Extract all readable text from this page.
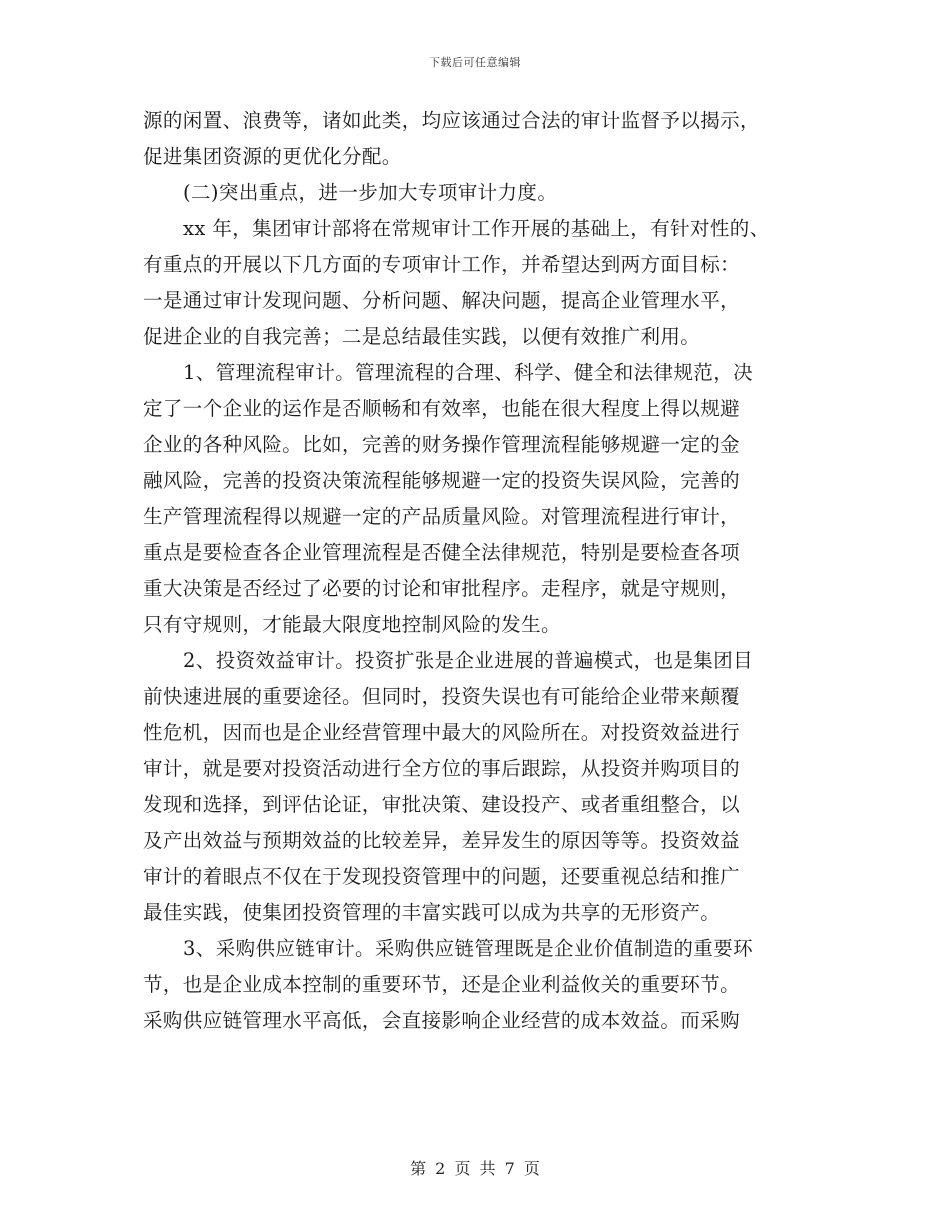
下载后可任意编辑
源的闲置、浪费等，诸如此类，均应该通过合法的审计监督予以揭示，
促进集团资源的更优化分配。
(二)突出重点，进一步加大专项审计力度。
xx 年，集团审计部将在常规审计工作开展的基础上，有针对性的、
有重点的开展以下几方面的专项审计工作，并希望达到两方面目标：
一是通过审计发现问题、分析问题、解决问题，提高企业管理水平，
促进企业的自我完善；二是总结最佳实践，以便有效推广利用。
1、管理流程审计。管理流程的合理、科学、健全和法律规范，决
定了一个企业的运作是否顺畅和有效率，也能在很大程度上得以规避
企业的各种风险。比如，完善的财务操作管理流程能够规避一定的金
融风险，完善的投资决策流程能够规避一定的投资失误风险，完善的
生产管理流程得以规避一定的产品质量风险。对管理流程进行审计，
重点是要检查各企业管理流程是否健全法律规范，特别是要检查各项
重大决策是否经过了必要的讨论和审批程序。走程序，就是守规则，
只有守规则，才能最大限度地控制风险的发生。
2、投资效益审计。投资扩张是企业进展的普遍模式，也是集团目
前快速进展的重要途径。但同时，投资失误也有可能给企业带来颠覆
性危机，因而也是企业经营管理中最大的风险所在。对投资效益进行
审计，就是要对投资活动进行全方位的事后跟踪，从投资并购项目的
发现和选择，到评估论证，审批决策、建设投产、或者重组整合，以
及产出效益与预期效益的比较差异，差异发生的原因等等。投资效益
审计的着眼点不仅在于发现投资管理中的问题，还要重视总结和推广
最佳实践，使集团投资管理的丰富实践可以成为共享的无形资产。
3、采购供应链审计。采购供应链管理既是企业价值制造的重要环
节，也是企业成本控制的重要环节，还是企业利益攸关的重要环节。
采购供应链管理水平高低，会直接影响企业经营的成本效益。而采购
第 2 页 共 7 页
